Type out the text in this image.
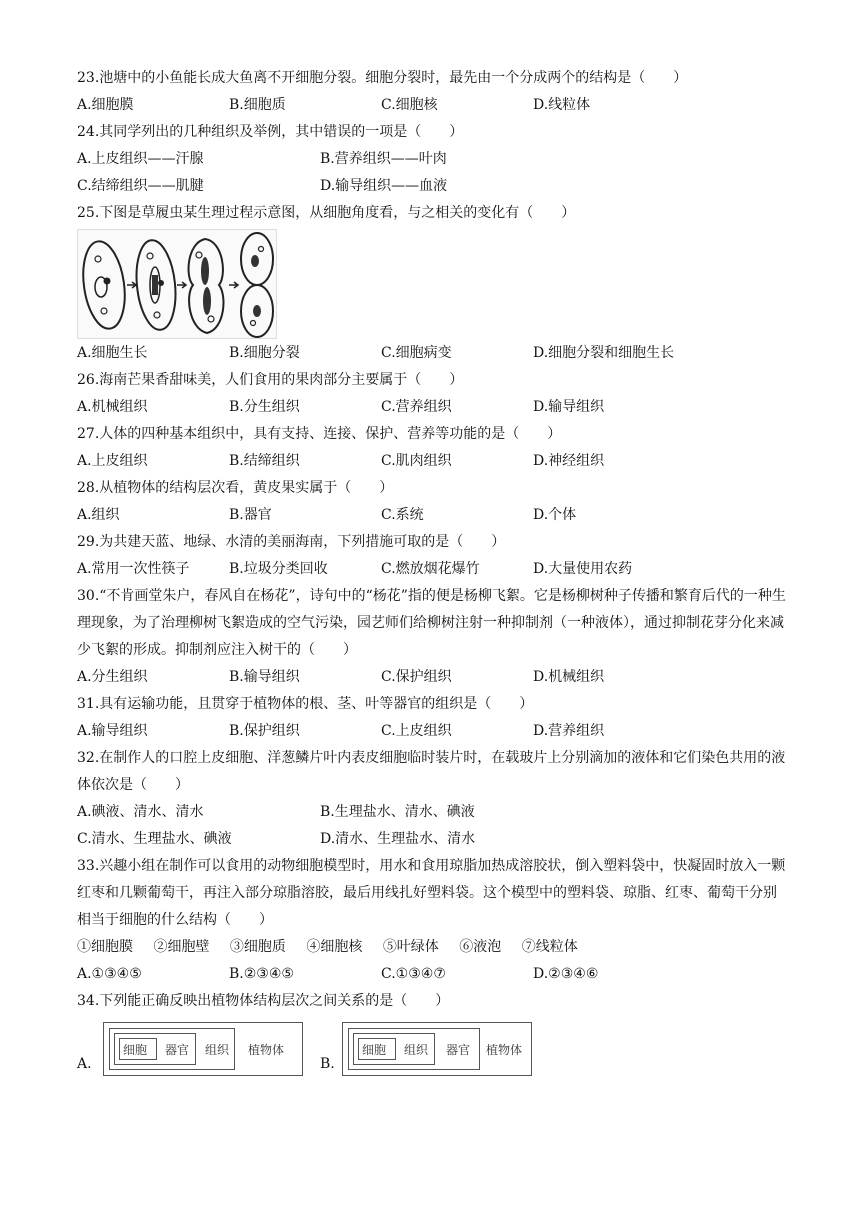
23.池塘中的小鱼能长成大鱼离不开细胞分裂。细胞分裂时，最先由一个分成两个的结构是（　　）
A.细胞膜	B.细胞质	C.细胞核	D.线粒体
24.其同学列出的几种组织及举例，其中错误的一项是（　　）
A.上皮组织——汗腺	B.营养组织——叶肉
C.结缔组织——肌腱	D.输导组织——血液
25.下图是草履虫某生理过程示意图，从细胞角度看，与之相关的变化有（　　）
A.细胞生长	B.细胞分裂	C.细胞病变	D.细胞分裂和细胞生长
26.海南芒果香甜味美，人们食用的果肉部分主要属于（　　）
A.机械组织	B.分生组织	C.营养组织	D.输导组织
27.人体的四种基本组织中，具有支持、连接、保护、营养等功能的是（　　）
A.上皮组织	B.结缔组织	C.肌肉组织	D.神经组织
28.从植物体的结构层次看，黄皮果实属于（　　）
A.组织	B.器官	C.系统	D.个体
29.为共建天蓝、地绿、水清的美丽海南，下列措施可取的是（　　）
A.常用一次性筷子	B.垃圾分类回收	C.燃放烟花爆竹	D.大量使用农药
30.“不肯画堂朱户，春风自在杨花”，诗句中的“杨花”指的便是杨柳飞絮。它是杨柳树种子传播和繁育后代的一种生理现象，为了治理柳树飞絮造成的空气污染，园艺师们给柳树注射一种抑制剂（一种液体），通过抑制花芽分化来减少飞絮的形成。抑制剂应注入树干的（　　）
A.分生组织	B.输导组织	C.保护组织	D.机械组织
31.具有运输功能，且贯穿于植物体的根、茎、叶等器官的组织是（　　）
A.输导组织	B.保护组织	C.上皮组织	D.营养组织
32.在制作人的口腔上皮细胞、洋葱鳞片叶内表皮细胞临时装片时，在载玻片上分别滴加的液体和它们染色共用的液体依次是（　　）
A.碘液、清水、清水	B.生理盐水、清水、碘液
C.清水、生理盐水、碘液	D.清水、生理盐水、清水
33.兴趣小组在制作可以食用的动物细胞模型时，用水和食用琼脂加热成溶胶状，倒入塑料袋中，快凝固时放入一颗红枣和几颗葡萄干，再注入部分琼脂溶胶，最后用线扎好塑料袋。这个模型中的塑料袋、琼脂、红枣、葡萄干分别相当于细胞的什么结构（　　）
①细胞膜 ②细胞壁 ③细胞质 ④细胞核 ⑤叶绿体 ⑥液泡 ⑦线粒体
A.①③④⑤	B.②③④⑤	C.①③④⑦	D.②③④⑥
34.下列能正确反映出植物体结构层次之间关系的是（　　）
A.
细胞 器官 组织 植物体
B.
细胞 组织 器官 植物体
